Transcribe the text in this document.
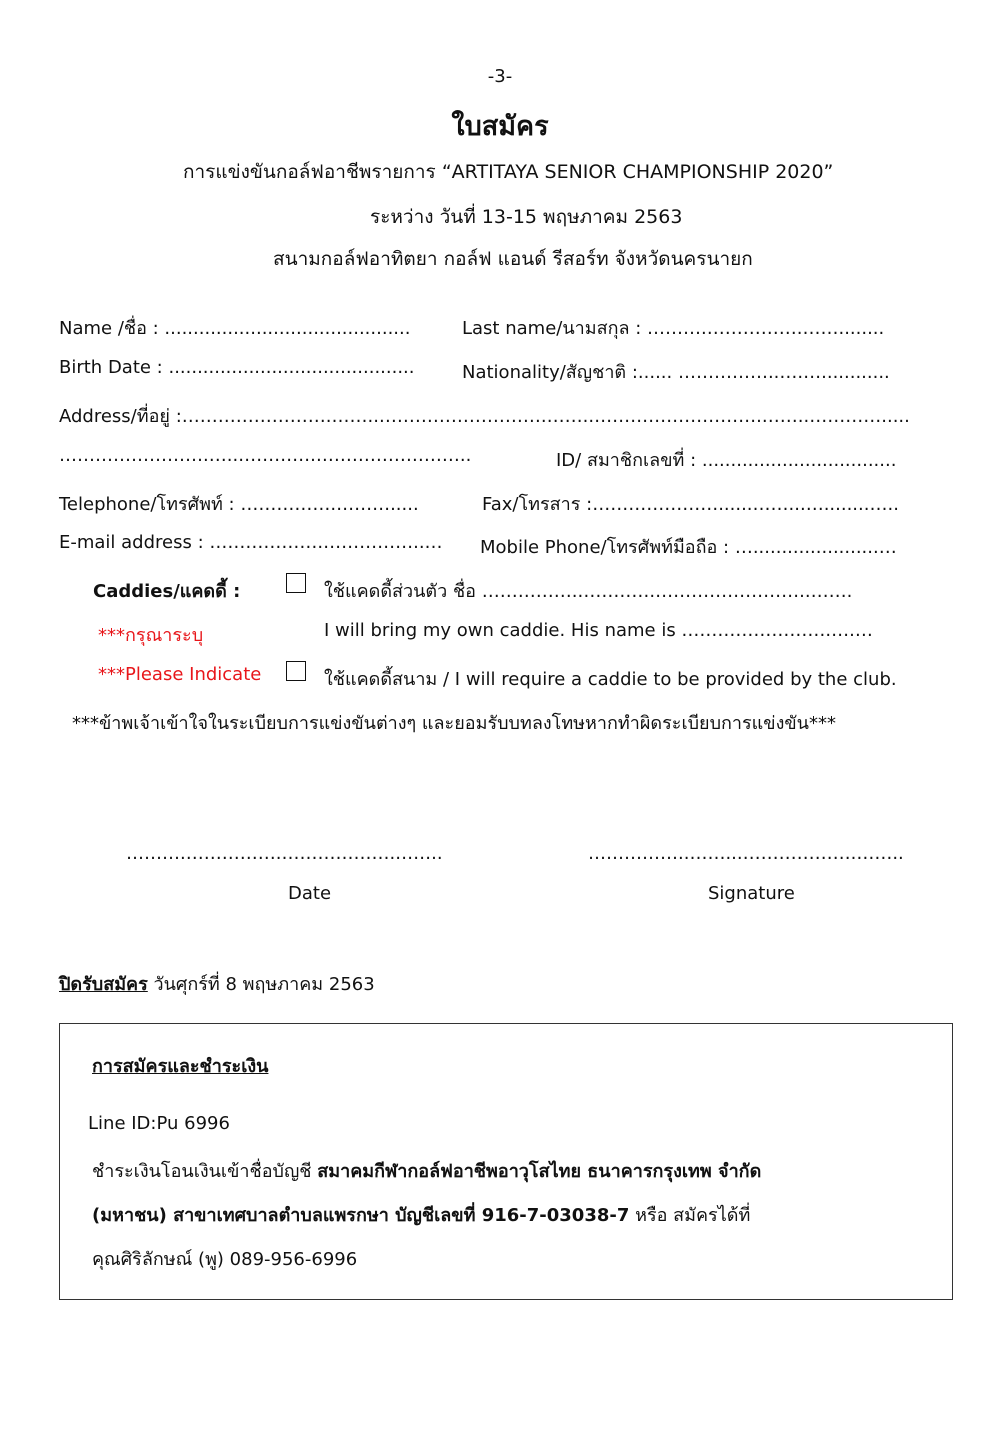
-3-
ใบสมัคร
การแข่งขันกอล์ฟอาชีพรายการ “ARTITAYA SENIOR CHAMPIONSHIP 2020”
ระหว่าง วันที่ 13-15 พฤษภาคม 2563
สนามกอล์ฟอาทิตยา กอล์ฟ แอนด์ รีสอร์ท จังหวัดนครนายก
Name /ชื่อ : ...........................................	Last name/นามสกุล : ……….…………….……........
Birth Date : ...........................................	Nationality/สัญชาติ :...... ……………..….…............
Address/ที่อยู่ :…………………….……..……………………….……..……………………….……..………….....
…………………….…..………….……………………..	ID/ สมาชิกเลขที่ : ..................................
Telephone/โทรศัพท์ : …………….……….....	Fax/โทรสาร :…………………......……...…........…..
E-mail address : ……………….……………..… Mobile Phone/โทรศัพท์มือถือ : …......................…
Caddies/แคดดี้ :	ใช้แคดดี้ส่วนตัว ชื่อ …………….………….……………………..…….
***กรุณาระบุ	I will bring my own caddie. His name is …………………….….…
***Please Indicate	ใช้แคดดี้สนาม / I will require a caddie to be provided by the club.
***ข้าพเจ้าเข้าใจในระเบียบการแข่งขันต่างๆ และยอมรับบทลงโทษหากทำผิดระเบียบการแข่งขัน***
……….…………….……………….……..	……………..……...……………….……..
Date	Signature
ปิดรับสมัคร วันศุกร์ที่ 8 พฤษภาคม 2563
การสมัครและชำระเงิน
Line ID:Pu 6996
ชำระเงินโอนเงินเข้าชื่อบัญชี สมาคมกีฬากอล์ฟอาชีพอาวุโสไทย ธนาคารกรุงเทพ จำกัด
(มหาชน) สาขาเทศบาลตำบลแพรกษา บัญชีเลขที่ 916-7-03038-7 หรือ สมัครได้ที่
คุณศิริลักษณ์ (พู) 089-956-6996
